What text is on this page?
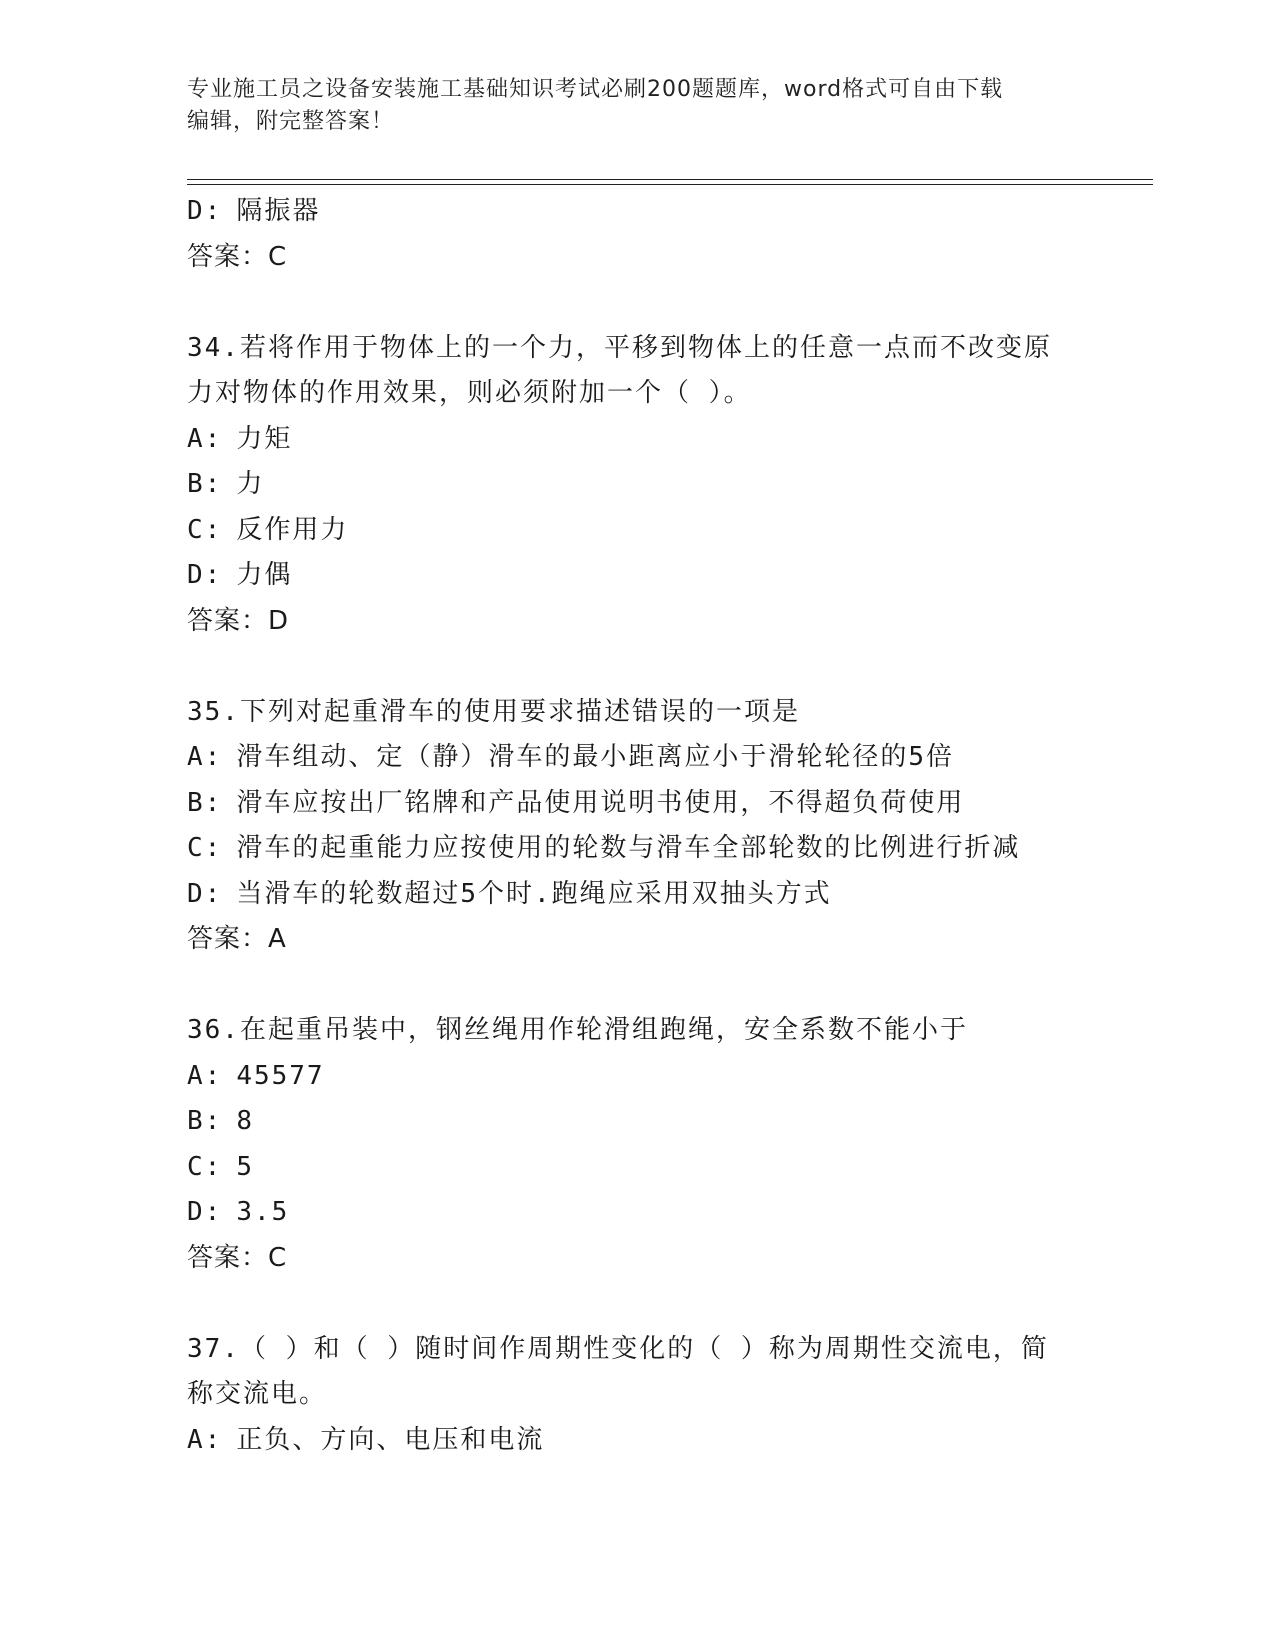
专业施工员之设备安装施工基础知识考试必刷200题题库，word格式可自由下载
编辑，附完整答案！
D: 隔振器
答案：C
34.若将作用于物体上的一个力，平移到物体上的任意一点而不改变原
力对物体的作用效果，则必须附加一个（ ）。
A: 力矩
B: 力
C: 反作用力
D: 力偶
答案：D
35.下列对起重滑车的使用要求描述错误的一项是
A: 滑车组动、定（静）滑车的最小距离应小于滑轮轮径的5倍
B: 滑车应按出厂铭牌和产品使用说明书使用，不得超负荷使用
C: 滑车的起重能力应按使用的轮数与滑车全部轮数的比例进行折减
D: 当滑车的轮数超过5个时.跑绳应采用双抽头方式
答案：A
36.在起重吊装中，钢丝绳用作轮滑组跑绳，安全系数不能小于
A: 45577
B: 8
C: 5
D: 3.5
答案：C
37.（ ）和（ ）随时间作周期性变化的（ ）称为周期性交流电，简
称交流电。
A: 正负、方向、电压和电流
